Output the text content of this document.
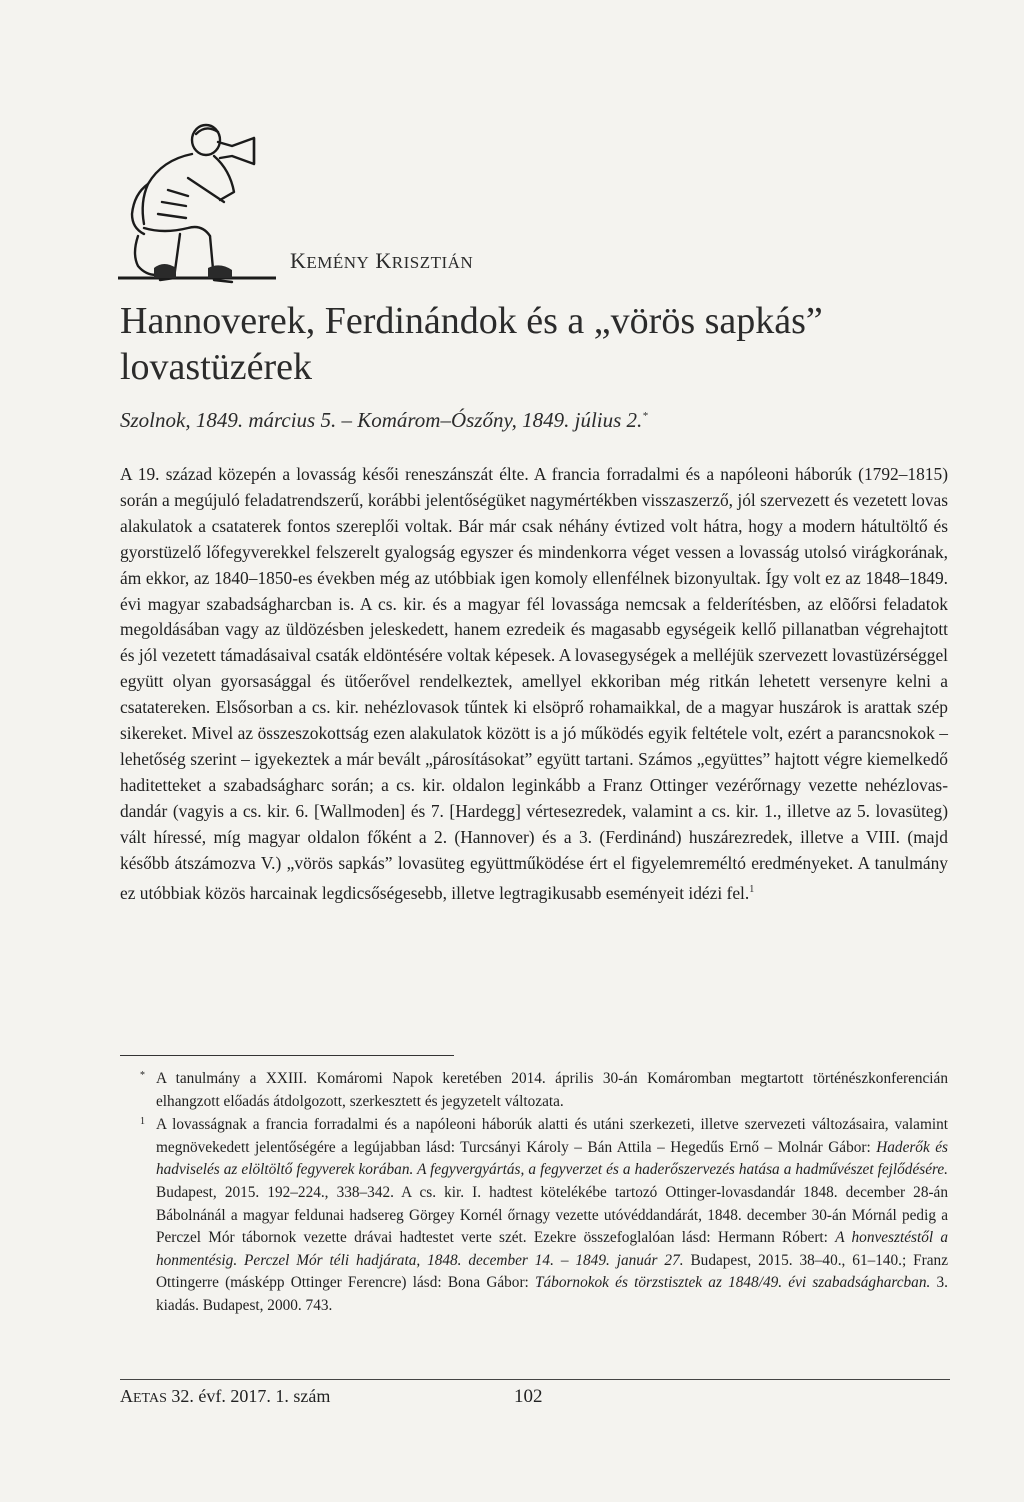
KEMÉNY KRISZTIÁN
Hannoverek, Ferdinándok és a „vörös sapkás” lovastüzérek
Szolnok, 1849. március 5. – Komárom–Ószőny, 1849. július 2.*

A 19. század közepén a lovasság késői reneszánszát élte. A francia forradalmi és a napóleoni háborúk (1792–1815) során a megújuló feladatrendszerű, korábbi jelentőségüket nagymértékben visszaszerző, jól szervezett és vezetett lovas alakulatok a csataterek fontos szereplői voltak. Bár már csak néhány évtized volt hátra, hogy a modern hátultöltő és gyorstüzelő lőfegyverekkel felszerelt gyalogság egyszer és mindenkorra véget vessen a lovasság utolsó virágkorának, ám ekkor, az 1840–1850-es években még az utóbbiak igen komoly ellenfélnek bizonyultak. Így volt ez az 1848–1849. évi magyar szabadságharcban is. A cs. kir. és a magyar fél lovassága nemcsak a felderítésben, az elõőrsi feladatok megoldásában vagy az üldözésben jeleskedett, hanem ezredeik és magasabb egységeik kellő pillanatban végrehajtott és jól vezetett támadásaival csaták eldöntésére voltak képesek. A lovasegységek a melléjük szervezett lovastüzérséggel együtt olyan gyorsasággal és ütőerővel rendelkeztek, amellyel ekkoriban még ritkán lehetett versenyre kelni a csatatereken. Elsősorban a cs. kir. nehézlovasok tűntek ki elsöprő rohamaikkal, de a magyar huszárok is arattak szép sikereket. Mivel az összeszokottság ezen alakulatok között is a jó működés egyik feltétele volt, ezért a parancsnokok – lehetőség szerint – igyekeztek a már bevált „párosításokat” együtt tartani. Számos „együttes” hajtott végre kiemelkedő haditetteket a szabadságharc során; a cs. kir. oldalon leginkább a Franz Ottinger vezérőrnagy vezette nehézlovas-dandár (vagyis a cs. kir. 6. [Wallmoden] és 7. [Hardegg] vértesezredek, valamint a cs. kir. 1., illetve az 5. lovasüteg) vált híressé, míg magyar oldalon főként a 2. (Hannover) és a 3. (Ferdinánd) huszárezredek, illetve a VIII. (majd később átszámozva V.) „vörös sapkás” lovasüteg együttműködése ért el figyelemreméltó eredményeket. A tanulmány ez utóbbiak közös harcainak legdicsőségesebb, illetve legtragikusabb eseményeit idézi fel.$^1$

* A tanulmány a XXIII. Komáromi Napok keretében 2014. április 30-án Komáromban megtartott történészkonferencián elhangzott előadás átdolgozott, szerkesztett és jegyzetelt változata.

1 A lovasságnak a francia forradalmi és a napóleoni háborúk alatti és utáni szerkezeti, illetve szervezeti változásaira, valamint megnövekedett jelentőségére a legújabban lásd: Turcsányi Károly – Bán Attila – Hegedűs Ernő – Molnár Gábor: Haderők és hadviselés az elöltöltő fegyverek korában. A fegyvergyártás, a fegyverzet és a haderőszervezés hatása a hadművészet fejlődésére. Budapest, 2015. 192–224., 338–342. A cs. kir. I. hadtest kötelékébe tartozó Ottinger-lovasdandár 1848. december 28-án Bábolnánál a magyar feldunai hadsereg Görgey Kornél őrnagy vezette utóvéddandárát, 1848. december 30-án Mórnál pedig a Perczel Mór tábornok vezette drávai hadtestet verte szét. Ezekre összefoglalóan lásd: Hermann Róbert: A honvesztéstől a honmentésig. Perczel Mór téli hadjárata, 1848. december 14. – 1849. január 27. Budapest, 2015. 38–40., 61–140.; Franz Ottingerre (másképp Ottinger Ferencre) lásd: Bona Gábor: Tábornokok és törzstisztek az 1848/49. évi szabadságharcban. 3. kiadás. Budapest, 2000. 743.

AETAS 32. évf. 2017. 1. szám	102
